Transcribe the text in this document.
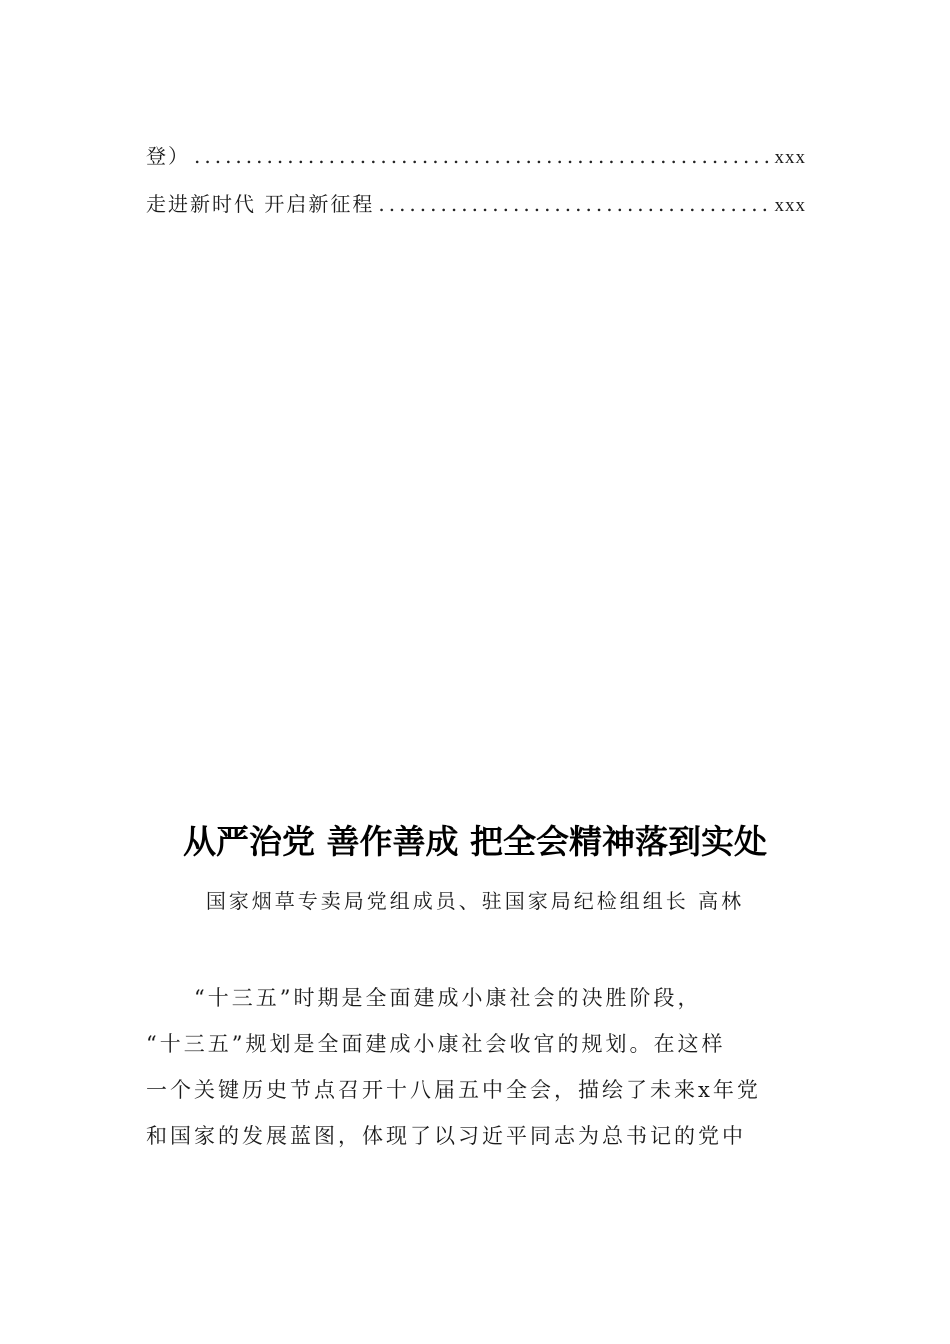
登） .....	xxx
走进新时代 开启新征程 .....	xxx
从严治党 善作善成 把全会精神落到实处
国家烟草专卖局党组成员、驻国家局纪检组组长 高林
“十三五”时期是全面建成小康社会的决胜阶段，
“十三五”规划是全面建成小康社会收官的规划。在这样
一个关键历史节点召开十八届五中全会，描绘了未来x年党
和国家的发展蓝图，体现了以习近平同志为总书记的党中
